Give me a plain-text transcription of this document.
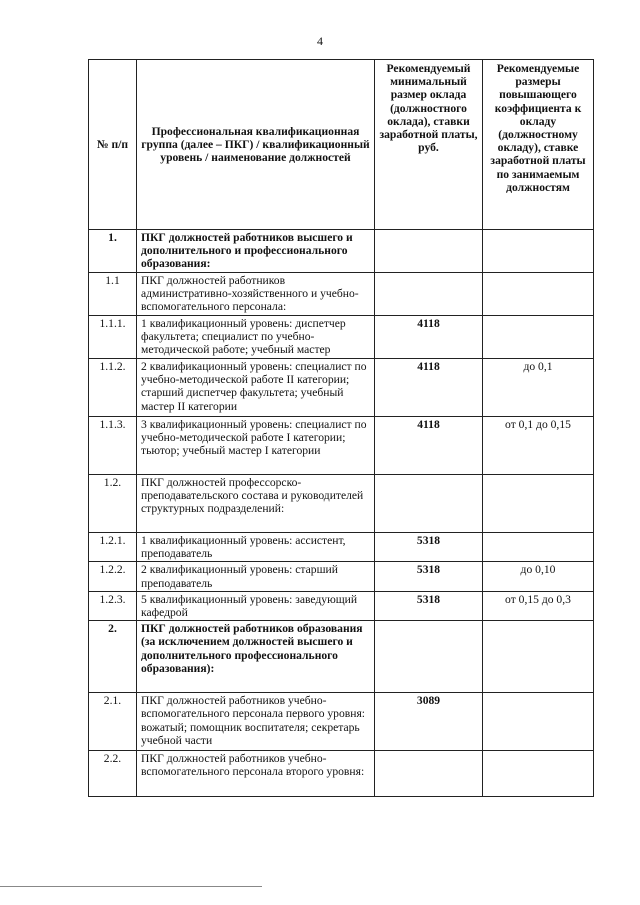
4
№ п/п	Профессиональная квалификационная группа (далее – ПКГ) / квалификационный уровень / наименование должностей	Рекомендуемый минимальный размер оклада (должностного оклада), ставки заработной платы, руб.	Рекомендуемые размеры повышающего коэффициента к окладу (должностному окладу), ставке заработной платы по занимаемым должностям
1.	ПКГ должностей работников высшего и дополнительного и профессионального образования:		
1.1	ПКГ должностей работников административно-хозяйственного и учебно-вспомогательного персонала:		
1.1.1.	1 квалификационный уровень: диспетчер факультета; специалист по учебно-методической работе; учебный мастер	4118	
1.1.2.	2 квалификационный уровень: специалист по учебно-методической работе II категории; старший диспетчер факультета; учебный мастер II категории	4118	до 0,1
1.1.3.	3 квалификационный уровень: специалист по учебно-методической работе I категории; тьютор; учебный мастер I категории	4118	от 0,1 до 0,15
1.2.	ПКГ должностей профессорско-преподавательского состава и руководителей структурных подразделений:		
1.2.1.	1 квалификационный уровень: ассистент, преподаватель	5318	
1.2.2.	2 квалификационный уровень: старший преподаватель	5318	до 0,10
1.2.3.	5 квалификационный уровень: заведующий кафедрой	5318	от 0,15 до 0,3
2.	ПКГ должностей работников образования (за исключением должностей высшего и дополнительного профессионального образования):		
2.1.	ПКГ должностей работников учебно-вспомогательного персонала первого уровня: вожатый; помощник воспитателя; секретарь учебной части	3089	
2.2.	ПКГ должностей работников учебно-вспомогательного персонала второго уровня:		
